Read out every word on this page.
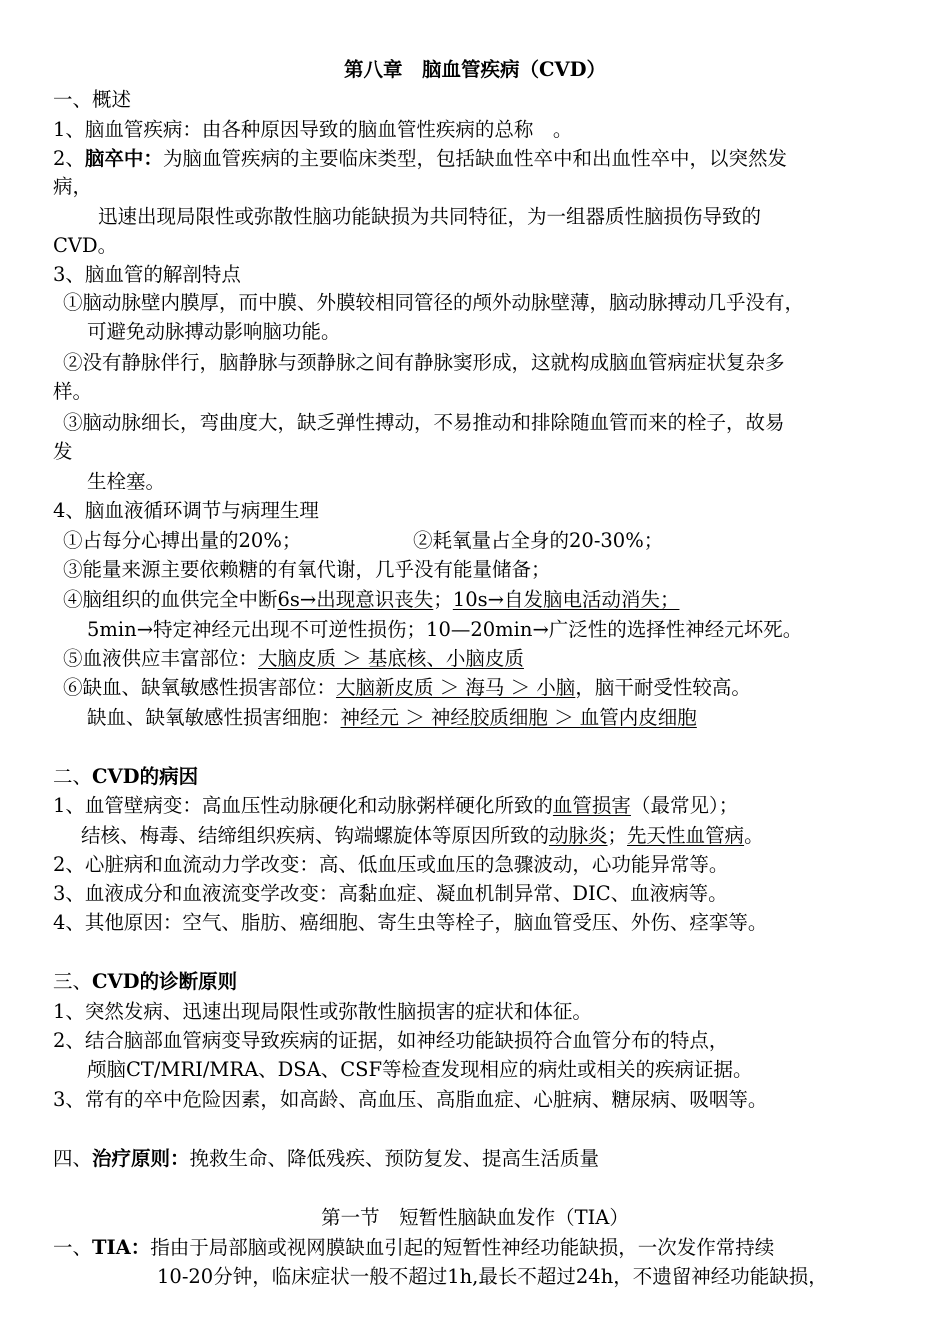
第八章　脑血管疾病（CVD）
一、概述
1、脑血管疾病：由各种原因导致的脑血管性疾病的总称　。
2、脑卒中：为脑血管疾病的主要临床类型，包括缺血性卒中和出血性卒中，以突然发
病，
迅速出现局限性或弥散性脑功能缺损为共同特征，为一组器质性脑损伤导致的
CVD。
3、脑血管的解剖特点
①脑动脉壁内膜厚，而中膜、外膜较相同管径的颅外动脉壁薄，脑动脉搏动几乎没有，
可避免动脉搏动影响脑功能。
②没有静脉伴行，脑静脉与颈静脉之间有静脉窦形成，这就构成脑血管病症状复杂多
样。
③脑动脉细长，弯曲度大，缺乏弹性搏动，不易推动和排除随血管而来的栓子，故易
发
生栓塞。
4、脑血液循环调节与病理生理
①占每分心搏出量的20%；	②耗氧量占全身的20-30%；
③能量来源主要依赖糖的有氧代谢，几乎没有能量储备；
④脑组织的血供完全中断6s→出现意识丧失；10s→自发脑电活动消失；
5min→特定神经元出现不可逆性损伤；10—20min→广泛性的选择性神经元坏死。
⑤血液供应丰富部位：大脑皮质 ＞ 基底核、小脑皮质
⑥缺血、缺氧敏感性损害部位：大脑新皮质 ＞ 海马 ＞ 小脑，脑干耐受性较高。
缺血、缺氧敏感性损害细胞：神经元 ＞ 神经胶质细胞 ＞ 血管内皮细胞
二、CVD的病因
1、血管壁病变：高血压性动脉硬化和动脉粥样硬化所致的血管损害（最常见）；
结核、梅毒、结缔组织疾病、钩端螺旋体等原因所致的动脉炎；先天性血管病。
2、心脏病和血流动力学改变：高、低血压或血压的急骤波动，心功能异常等。
3、血液成分和血液流变学改变：高黏血症、凝血机制异常、DIC、血液病等。
4、其他原因：空气、脂肪、癌细胞、寄生虫等栓子，脑血管受压、外伤、痉挛等。
三、CVD的诊断原则
1、突然发病、迅速出现局限性或弥散性脑损害的症状和体征。
2、结合脑部血管病变导致疾病的证据，如神经功能缺损符合血管分布的特点，
颅脑CT/MRI/MRA、DSA、CSF等检查发现相应的病灶或相关的疾病证据。
3、常有的卒中危险因素，如高龄、高血压、高脂血症、心脏病、糖尿病、吸咽等。
四、治疗原则：挽救生命、降低残疾、预防复发、提高生活质量
第一节　短暂性脑缺血发作（TIA）
一、TIA：指由于局部脑或视网膜缺血引起的短暂性神经功能缺损，一次发作常持续
10-20分钟，临床症状一般不超过1h,最长不超过24h，不遗留神经功能缺损，
